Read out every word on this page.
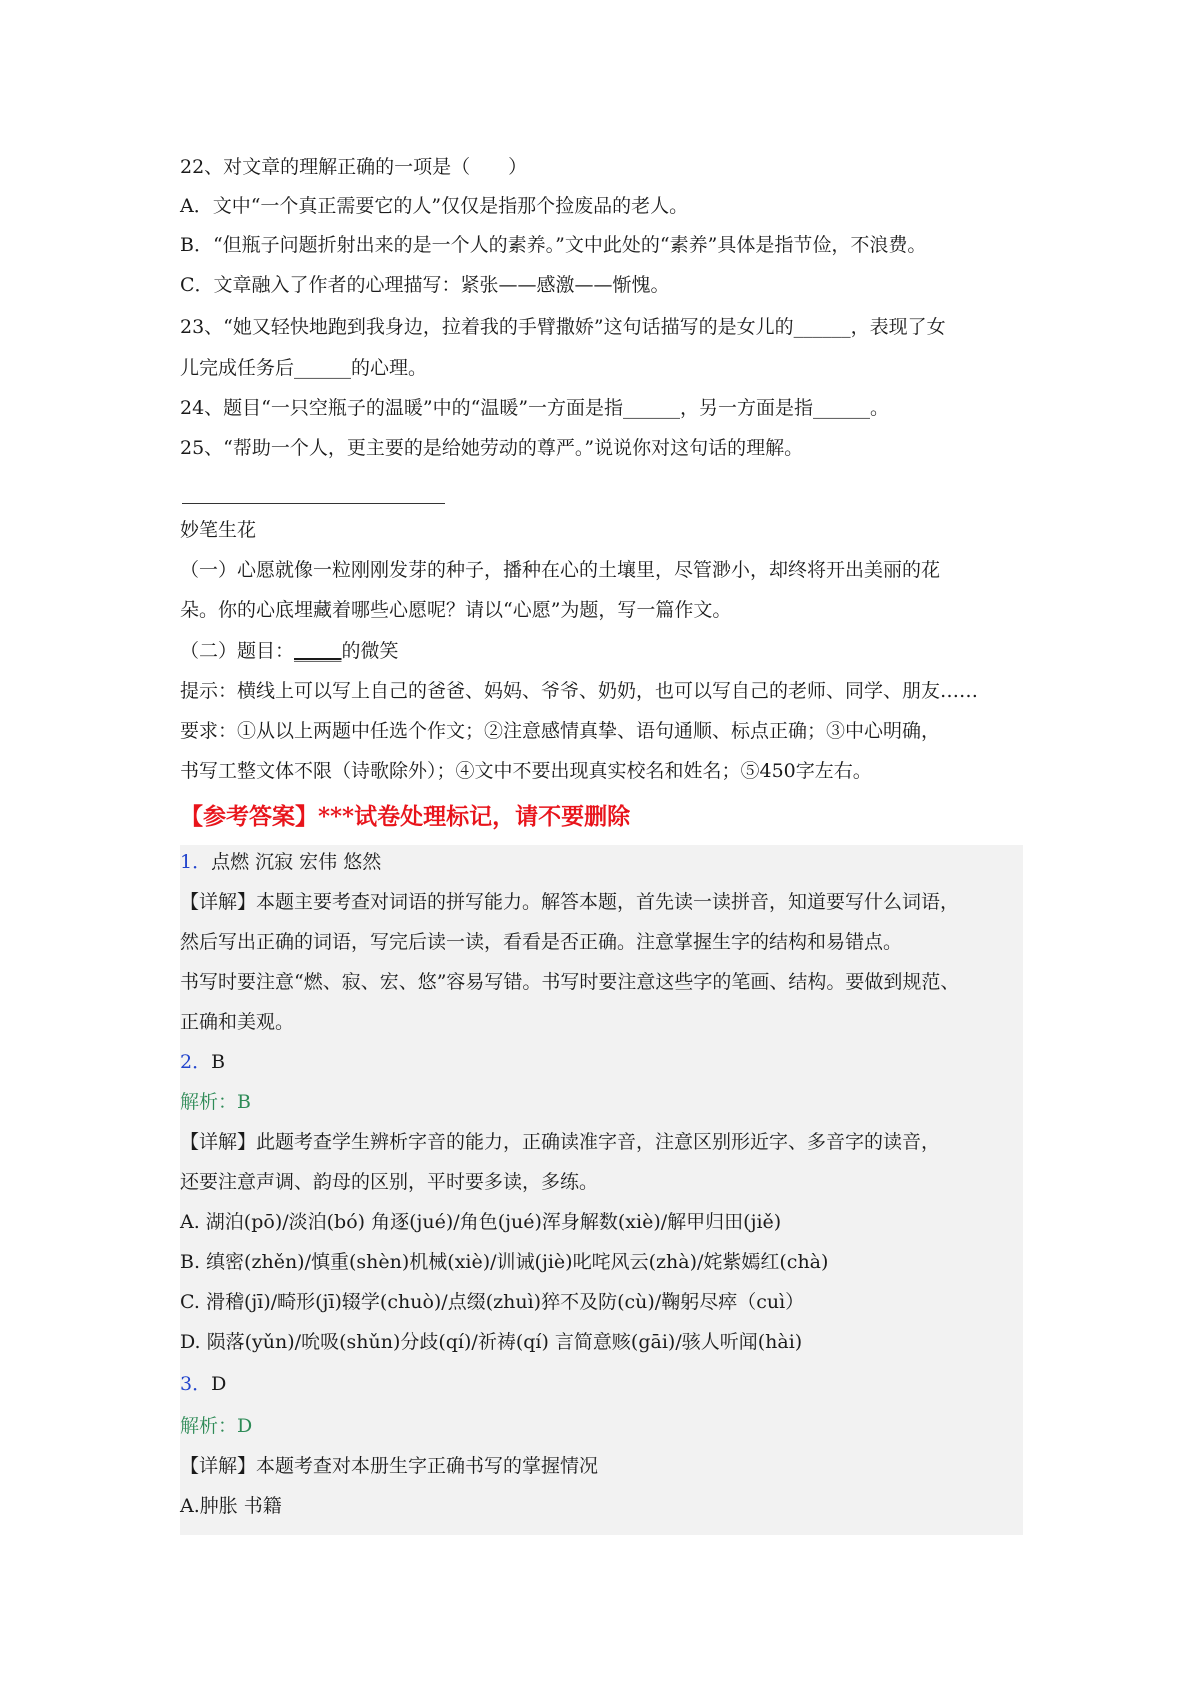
22、对文章的理解正确的一项是（　　）

A．文中“一个真正需要它的人”仅仅是指那个捡废品的老人。

B．“但瓶子问题折射出来的是一个人的素养。”文中此处的“素养”具体是指节俭，不浪费。

C．文章融入了作者的心理描写：紧张——感激——惭愧。

23、“她又轻快地跑到我身边，拉着我的手臂撒娇”这句话描写的是女儿的______，表现了女

儿完成任务后______的心理。

24、题目“一只空瓶子的温暖”中的“温暖”一方面是指______，另一方面是指______。

25、“帮助一个人，更主要的是给她劳动的尊严。”说说你对这句话的理解。

妙笔生花

（一）心愿就像一粒刚刚发芽的种子，播种在心的土壤里，尽管渺小，却终将开出美丽的花

朵。你的心底埋藏着哪些心愿呢？请以“心愿”为题，写一篇作文。

（二）题目：_____的微笑

提示：横线上可以写上自己的爸爸、妈妈、爷爷、奶奶，也可以写自己的老师、同学、朋友……

要求：①从以上两题中任选个作文；②注意感情真挚、语句通顺、标点正确；③中心明确，

书写工整文体不限（诗歌除外）；④文中不要出现真实校名和姓名；⑤450字左右。

【参考答案】***试卷处理标记，请不要删除

1．点燃 沉寂 宏伟 悠然

【详解】本题主要考查对词语的拼写能力。解答本题，首先读一读拼音，知道要写什么词语，

然后写出正确的词语，写完后读一读，看看是否正确。注意掌握生字的结构和易错点。

书写时要注意“燃、寂、宏、悠”容易写错。书写时要注意这些字的笔画、结构。要做到规范、

正确和美观。

2．B

解析：B

【详解】此题考查学生辨析字音的能力，正确读准字音，注意区别形近字、多音字的读音，

还要注意声调、韵母的区别，平时要多读，多练。

A. 湖泊(pō)/淡泊(bó) 角逐(jué)/角色(jué)浑身解数(xiè)/解甲归田(jiě)

B. 缜密(zhěn)/慎重(shèn)机械(xiè)/训诫(jiè)叱咤风云(zhà)/姹紫嫣红(chà)

C. 滑稽(jī)/畸形(jī)辍学(chuò)/点缀(zhuì)猝不及防(cù)/鞠躬尽瘁（cuì）

D. 陨落(yǔn)/吮吸(shǔn)分歧(qí)/祈祷(qí) 言简意赅(gāi)/骇人听闻(hài)

3．D

解析：D

【详解】本题考查对本册生字正确书写的掌握情况

A.肿胀 书籍
